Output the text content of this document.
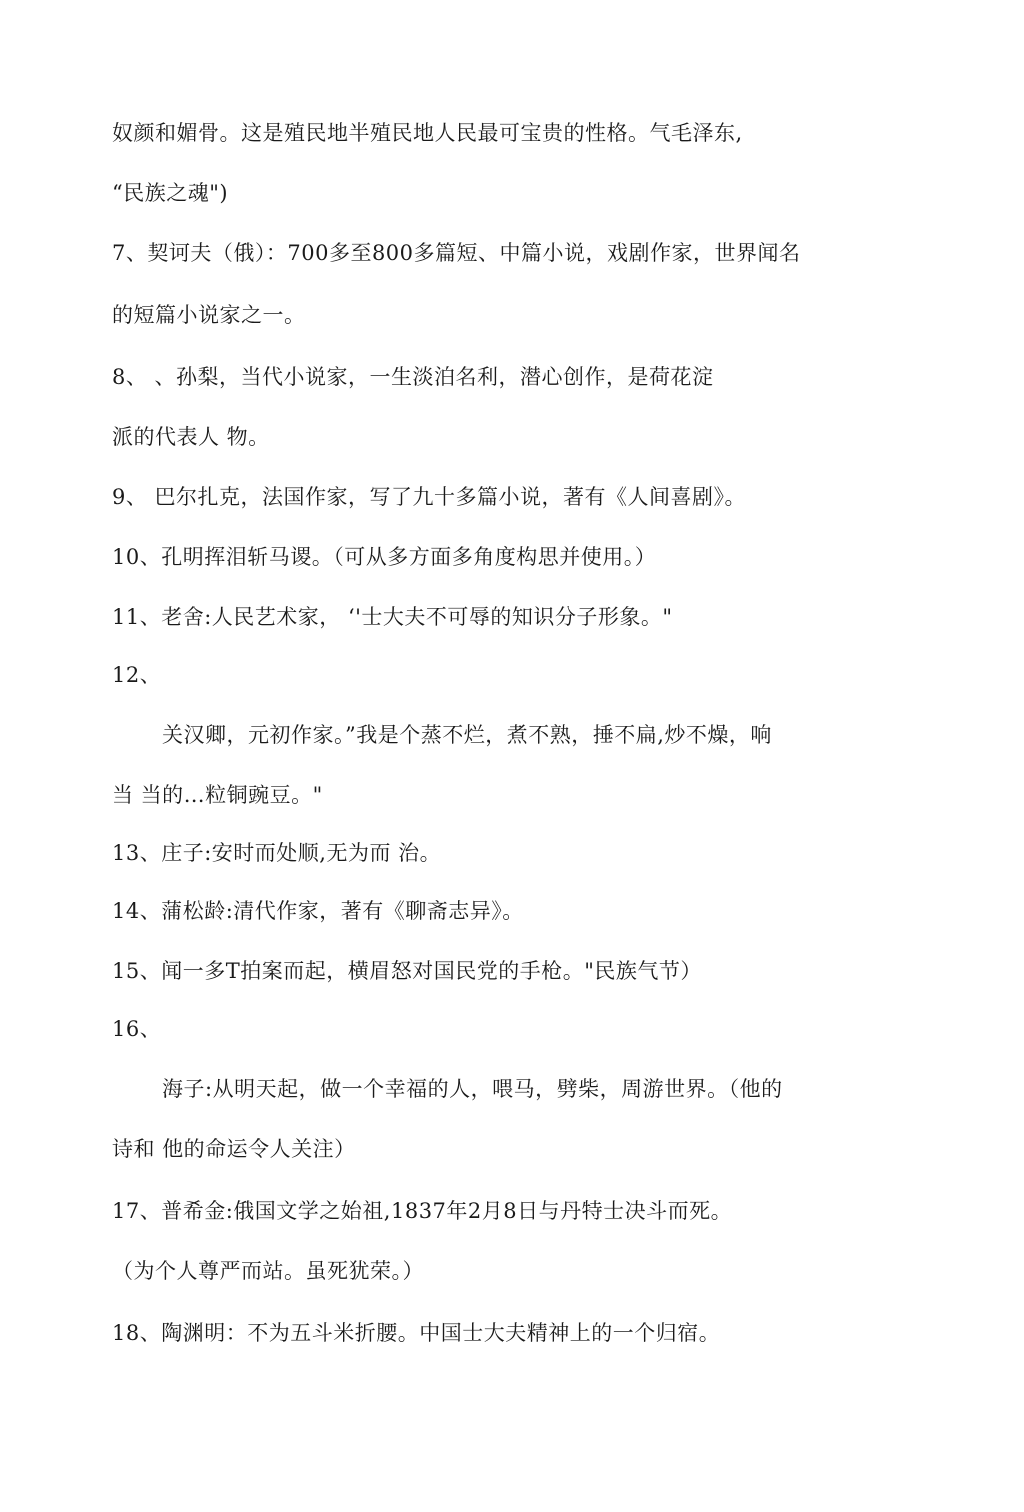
奴颜和媚骨。这是殖民地半殖民地人民最可宝贵的性格。气毛泽东,
“民族之魂")
7、契诃夫（俄）：700多至800多篇短、中篇小说，戏剧作家，世界闻名
的短篇小说家之一。
8、 、孙梨，当代小说家，一生淡泊名利，潜心创作，是荷花淀
派的代表人 物。
9、 巴尔扎克，法国作家，写了九十多篇小说，著有《人间喜剧》。
10、孔明挥泪斩马谡。（可从多方面多角度构思并使用。）
11、老舍:人民艺术家， ‘'士大夫不可辱的知识分子形象。"
12、
关汉卿，元初作家。”我是个蒸不烂，煮不熟，捶不扁,炒不燥，响
当 当的…粒铜豌豆。"
13、庄子:安时而处顺,无为而 治。
14、蒲松龄:清代作家，著有《聊斋志异》。
15、闻一多T拍案而起，横眉怒对国民党的手枪。"民族气节）
16、
海子:从明天起，做一个幸福的人，喂马，劈柴，周游世界。（他的
诗和 他的命运令人关注）
17、普希金:俄国文学之始祖,1837年2月8日与丹特士决斗而死。
（为个人尊严而站。虽死犹荣。）
18、陶渊明：不为五斗米折腰。中国士大夫精神上的一个归宿。
